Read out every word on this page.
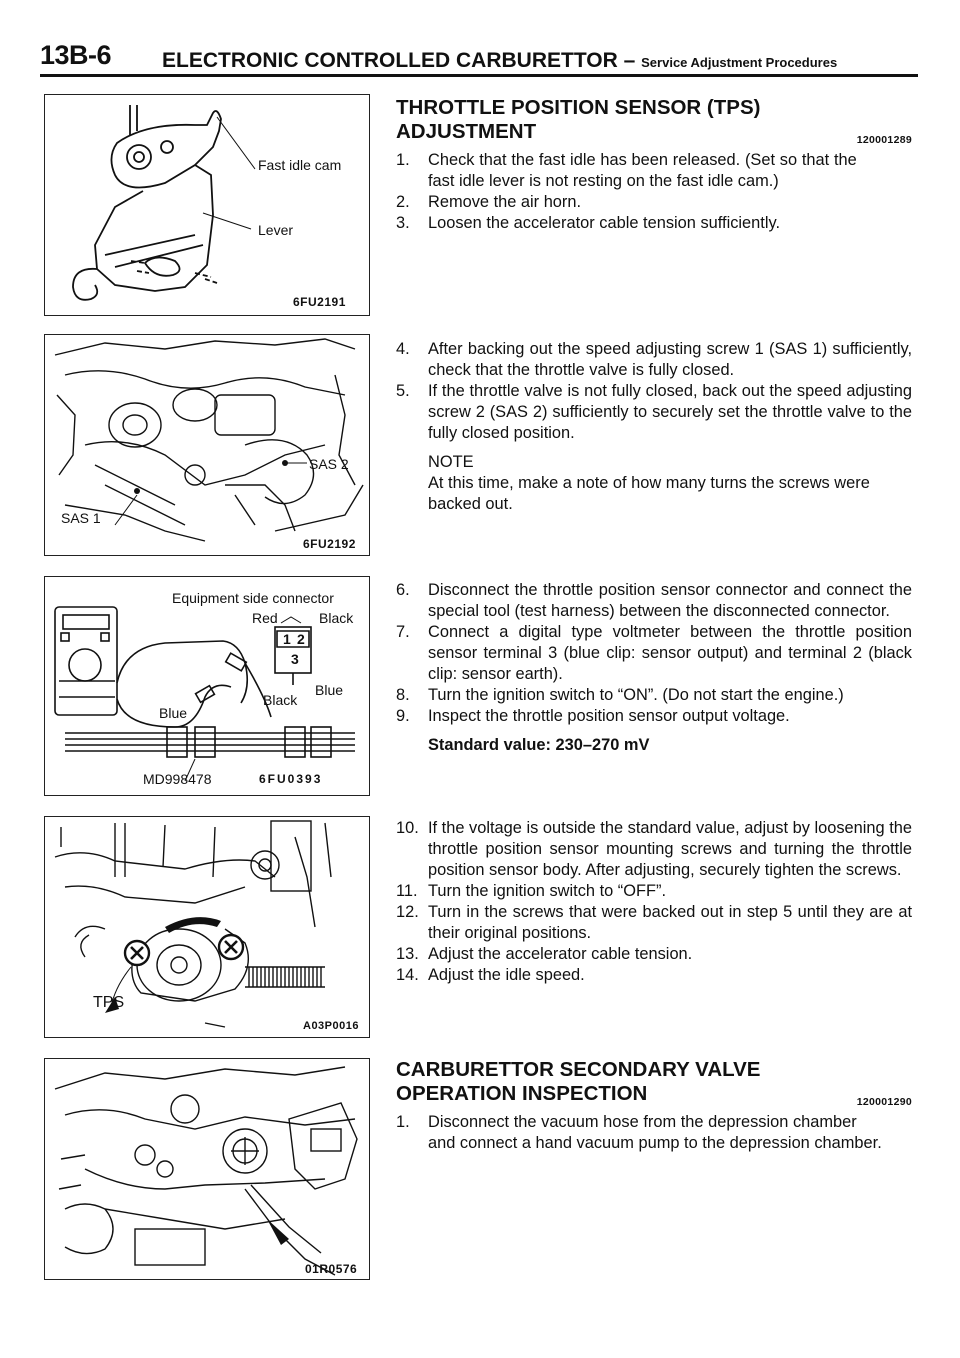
13B-6 ELECTRONIC CONTROLLED CARBURETTOR – Service Adjustment Procedures
Fast idle cam
Lever
6FU2191
SAS 2
SAS 1
6FU2192
Equipment side connector
Red	Black
1 2
3
Blue
Black
Blue
MD998478	6FU0393
TPS
A03P0016
01R0576
THROTTLE POSITION SENSOR (TPS)
ADJUSTMENT	120001289
1. Check that the fast idle has been released. (Set so that the fast idle lever is not resting on the fast idle cam.)
2. Remove the air horn.
3. Loosen the accelerator cable tension sufficiently.
4. After backing out the speed adjusting screw 1 (SAS 1) sufficiently, check that the throttle valve is fully closed.
5. If the throttle valve is not fully closed, back out the speed adjusting screw 2 (SAS 2) sufficiently to securely set the throttle valve to the fully closed position.
NOTE
At this time, make a note of how many turns the screws were backed out.
6. Disconnect the throttle position sensor connector and connect the special tool (test harness) between the disconnected connector.
7. Connect a digital type voltmeter between the throttle position sensor terminal 3 (blue clip: sensor output) and terminal 2 (black clip: sensor earth).
8. Turn the ignition switch to “ON”. (Do not start the engine.)
9. Inspect the throttle position sensor output voltage.
Standard value: 230–270 mV
10. If the voltage is outside the standard value, adjust by loosening the throttle position sensor mounting screws and turning the throttle position sensor body. After adjusting, securely tighten the screws.
11. Turn the ignition switch to “OFF”.
12. Turn in the screws that were backed out in step 5 until they are at their original positions.
13. Adjust the accelerator cable tension.
14. Adjust the idle speed.
CARBURETTOR SECONDARY VALVE
OPERATION INSPECTION	120001290
1. Disconnect the vacuum hose from the depression chamber and connect a hand vacuum pump to the depression chamber.
